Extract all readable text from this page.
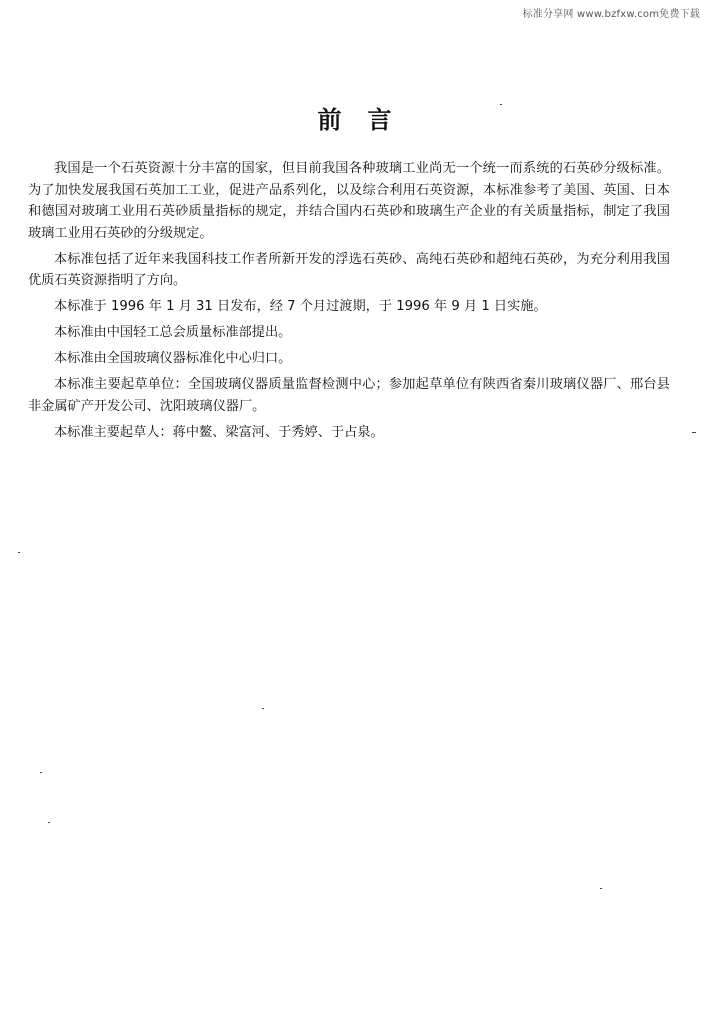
标准分享网 www.bzfxw.com免费下载
前　言

我国是一个石英资源十分丰富的国家，但目前我国各种玻璃工业尚无一个统一而系统的石英砂分级标准。为了加快发展我国石英加工工业，促进产品系列化，以及综合利用石英资源，本标准参考了美国、英国、日本和德国对玻璃工业用石英砂质量指标的规定，并结合国内石英砂和玻璃生产企业的有关质量指标，制定了我国玻璃工业用石英砂的分级规定。

本标准包括了近年来我国科技工作者所新开发的浮选石英砂、高纯石英砂和超纯石英砂，为充分利用我国优质石英资源指明了方向。

本标准于 1996 年 1 月 31 日发布，经 7 个月过渡期，于 1996 年 9 月 1 日实施。

本标准由中国轻工总会质量标准部提出。

本标准由全国玻璃仪器标准化中心归口。

本标准主要起草单位：全国玻璃仪器质量监督检测中心；参加起草单位有陕西省秦川玻璃仪器厂、邢台县非金属矿产开发公司、沈阳玻璃仪器厂。

本标准主要起草人：蒋中鳌、梁富河、于秀婷、于占泉。
